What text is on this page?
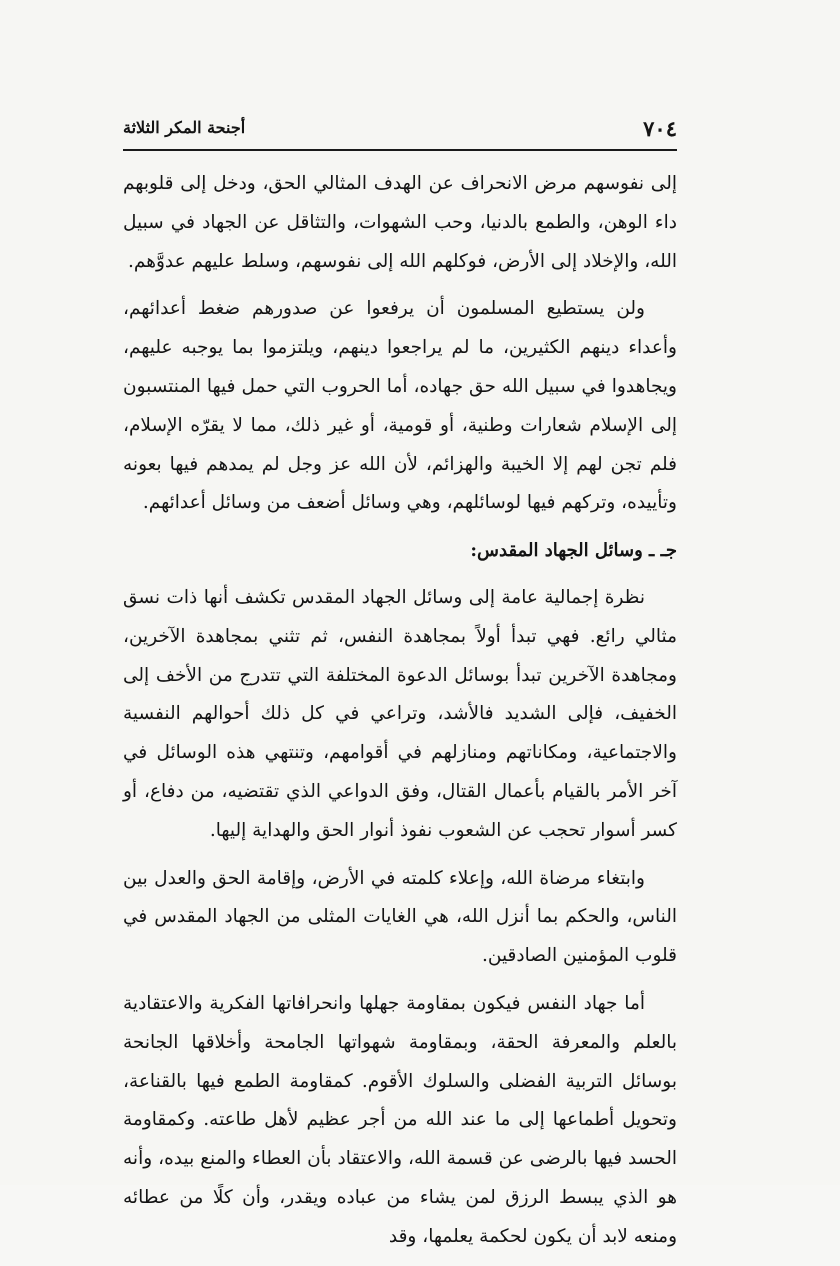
٧٠٤
أجنحة المكر الثلاثة

إلى نفوسهم مرض الانحراف عن الهدف المثالي الحق، ودخل إلى قلوبهم داء الوهن، والطمع بالدنيا، وحب الشهوات، والتثاقل عن الجهاد في سبيل الله، والإخلاد إلى الأرض، فوكلهم الله إلى نفوسهم، وسلط عليهم عدوَّهم.

ولن يستطيع المسلمون أن يرفعوا عن صدورهم ضغط أعدائهم، وأعداء دينهم الكثيرين، ما لم يراجعوا دينهم، ويلتزموا بما يوجبه عليهم، ويجاهدوا في سبيل الله حق جهاده، أما الحروب التي حمل فيها المنتسبون إلى الإسلام شعارات وطنية، أو قومية، أو غير ذلك، مما لا يقرّه الإسلام، فلم تجن لهم إلا الخيبة والهزائم، لأن الله عز وجل لم يمدهم فيها بعونه وتأييده، وتركهم فيها لوسائلهم، وهي وسائل أضعف من وسائل أعدائهم.

جـ ـ وسائل الجهاد المقدس:

نظرة إجمالية عامة إلى وسائل الجهاد المقدس تكشف أنها ذات نسق مثالي رائع. فهي تبدأ أولاً بمجاهدة النفس، ثم تثني بمجاهدة الآخرين، ومجاهدة الآخرين تبدأ بوسائل الدعوة المختلفة التي تتدرج من الأخف إلى الخفيف، فإلى الشديد فالأشد، وتراعي في كل ذلك أحوالهم النفسية والاجتماعية، ومكاناتهم ومنازلهم في أقوامهم، وتنتهي هذه الوسائل في آخر الأمر بالقيام بأعمال القتال، وفق الدواعي الذي تقتضيه، من دفاع، أو كسر أسوار تحجب عن الشعوب نفوذ أنوار الحق والهداية إليها.

وابتغاء مرضاة الله، وإعلاء كلمته في الأرض، وإقامة الحق والعدل بين الناس، والحكم بما أنزل الله، هي الغايات المثلى من الجهاد المقدس في قلوب المؤمنين الصادقين.

أما جهاد النفس فيكون بمقاومة جهلها وانحرافاتها الفكرية والاعتقادية بالعلم والمعرفة الحقة، وبمقاومة شهواتها الجامحة وأخلاقها الجانحة بوسائل التربية الفضلى والسلوك الأقوم. كمقاومة الطمع فيها بالقناعة، وتحويل أطماعها إلى ما عند الله من أجر عظيم لأهل طاعته. وكمقاومة الحسد فيها بالرضى عن قسمة الله، والاعتقاد بأن العطاء والمنع بيده، وأنه هو الذي يبسط الرزق لمن يشاء من عباده ويقدر، وأن كلًا من عطائه ومنعه لابد أن يكون لحكمة يعلمها، وقد
